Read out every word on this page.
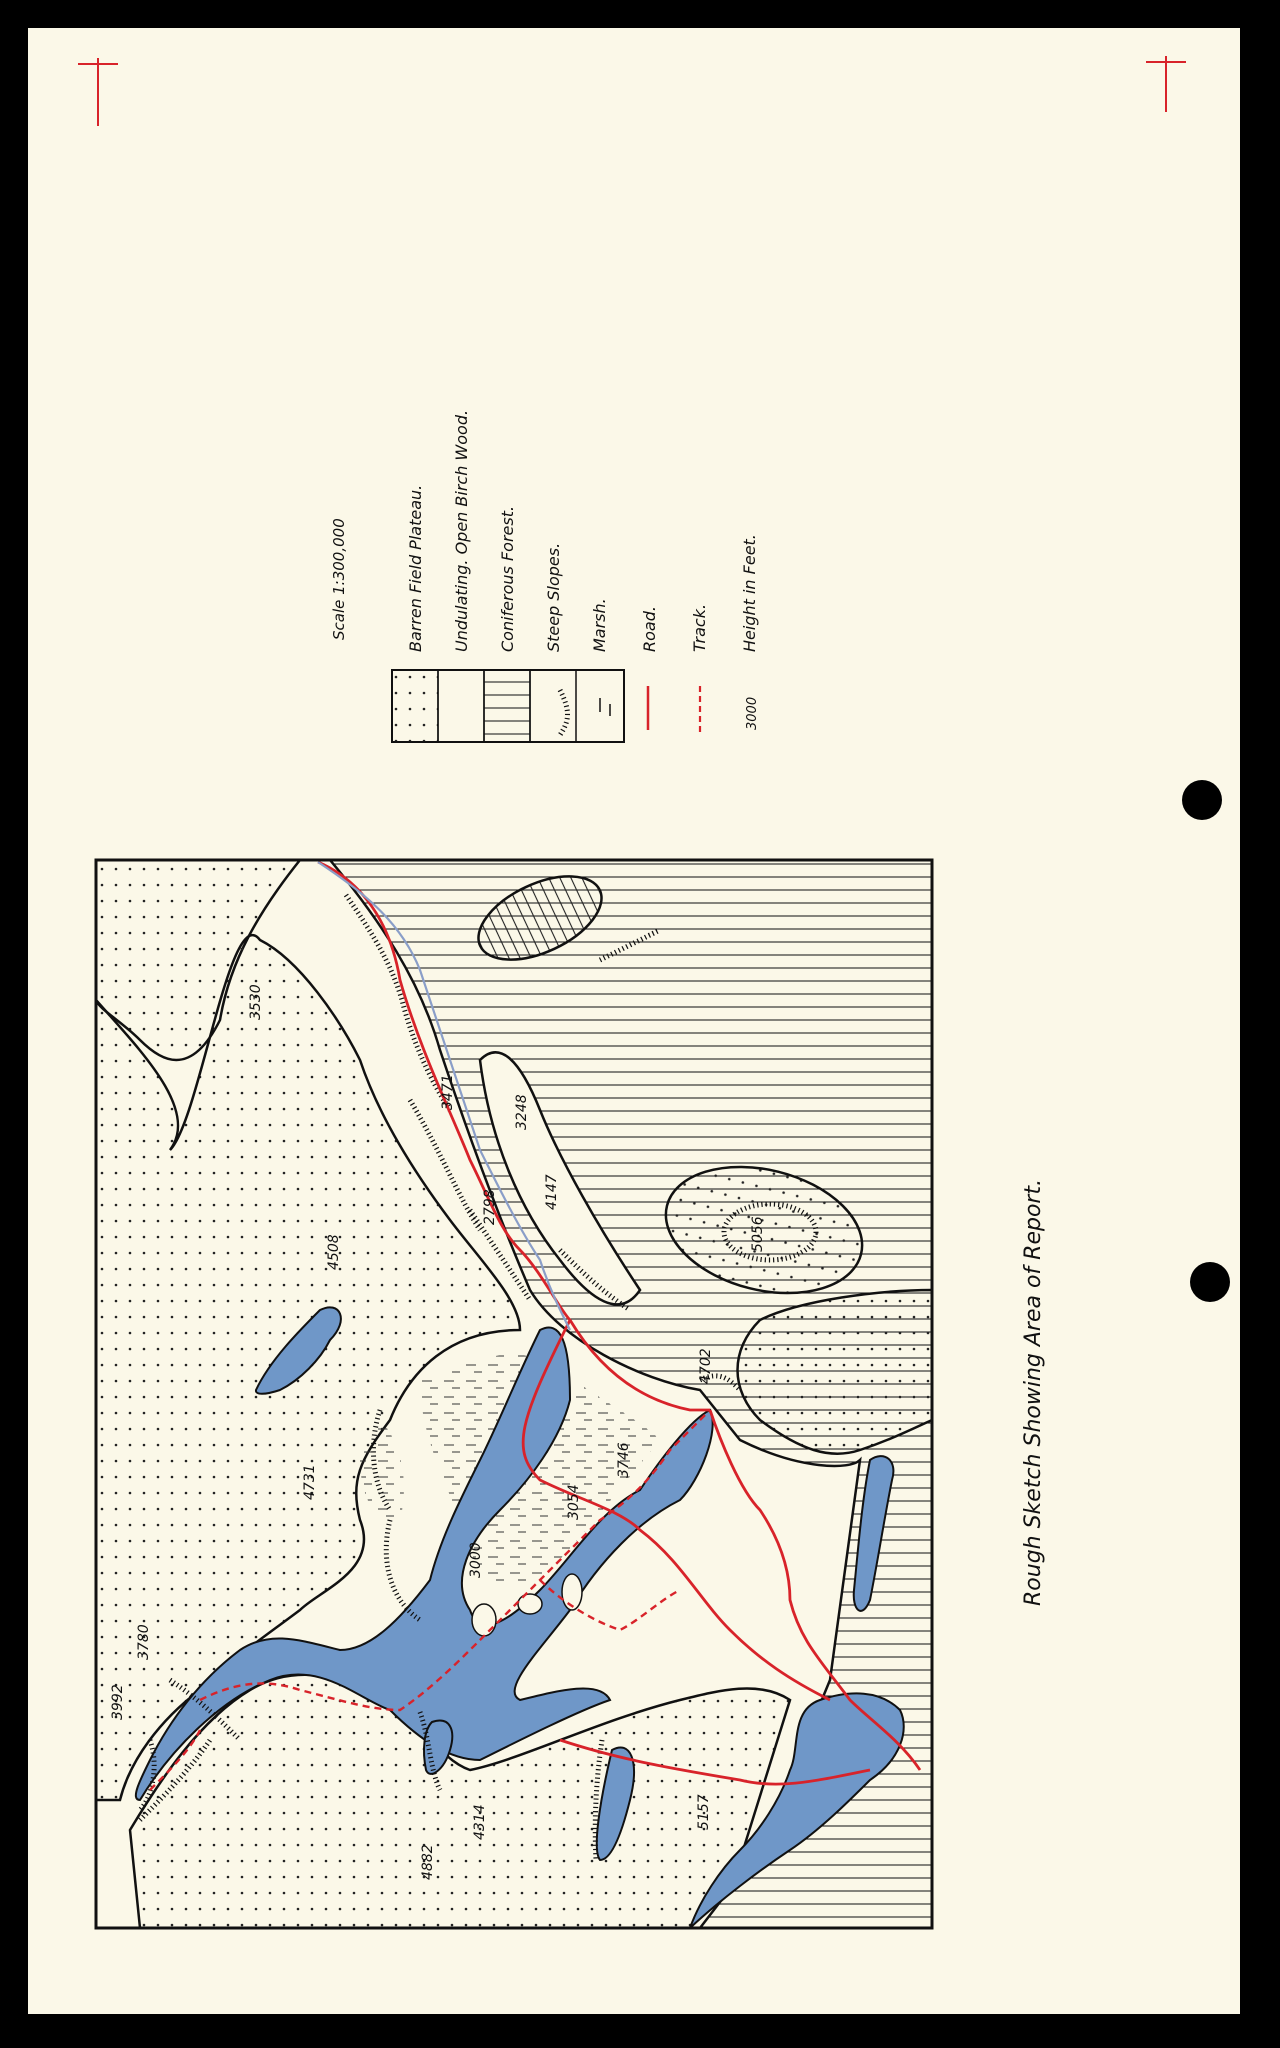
3992
3780
4731
4508
3530
3471
3248
2798	4147
5056
4702
3746
3054
3000
5157
4314
4882
Scale 1:300,000	Barren Field Plateau. Undulating. Open Birch Wood. Coniferous Forest. Steep Slopes. Marsh. Road. Track.
3000
Height in Feet.
Rough Sketch Showing Area of Report.
